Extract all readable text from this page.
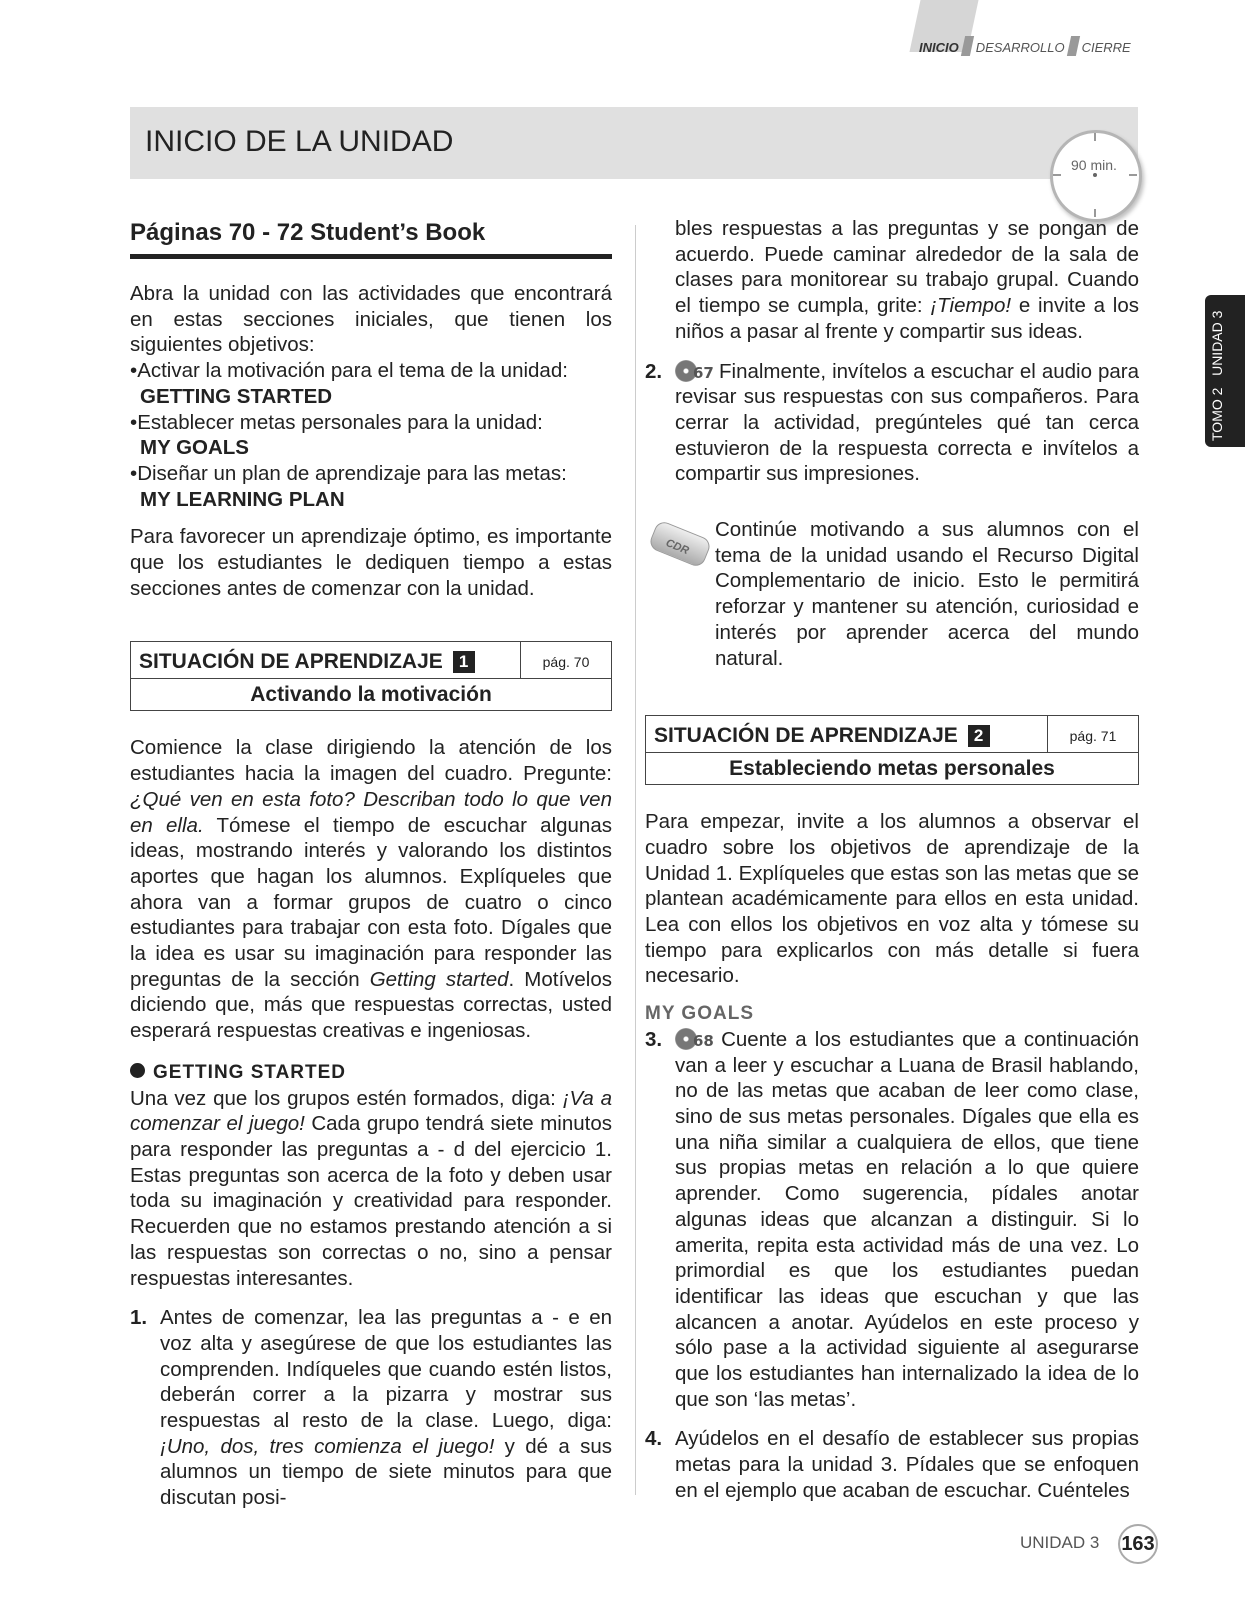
INICIO DESARROLLO CIERRE
INICIO DE LA UNIDAD
90 min.
TOMO 2   UNIDAD 3

Páginas 70 - 72 Student’s Book

Abra la unidad con las actividades que encontrará en estas secciones iniciales, que tienen los siguientes objetivos:

•Activar la motivación para el tema de la unidad:

GETTING STARTED

•Establecer metas personales para la unidad:

MY GOALS

•Diseñar un plan de aprendizaje para las metas:

MY LEARNING PLAN

Para favorecer un aprendizaje óptimo, es importante que los estudiantes le dediquen tiempo a estas secciones antes de comenzar con la unidad.

SITUACIÓN DE APRENDIZAJE 1	pág. 70
Activando la motivación

Comience la clase dirigiendo la atención de los estudiantes hacia la imagen del cuadro. Pregunte: ¿Qué ven en esta foto? Describan todo lo que ven en ella. Tómese el tiempo de escuchar algunas ideas, mostrando interés y valorando los distintos aportes que hagan los alumnos. Explíqueles que ahora van a formar grupos de cuatro o cinco estudiantes para trabajar con esta foto. Dígales que la idea es usar su imaginación para responder las preguntas de la sección Getting started. Motívelos diciendo que, más que respuestas correctas, usted esperará respuestas creativas e ingeniosas.

GETTING STARTED

Una vez que los grupos estén formados, diga: ¡Va a comenzar el juego! Cada grupo tendrá siete minutos para responder las preguntas a - d del ejercicio 1. Estas preguntas son acerca de la foto y deben usar toda su imaginación y creatividad para responder. Recuerden que no estamos prestando atención a si las respuestas son correctas o no, sino a pensar respuestas interesantes.

1. Antes de comenzar, lea las preguntas a - e en voz alta y asegúrese de que los estudiantes las comprenden. Indíqueles que cuando estén listos, deberán correr a la pizarra y mostrar sus respuestas al resto de la clase. Luego, diga: ¡Uno, dos, tres comienza el juego! y dé a sus alumnos un tiempo de siete minutos para que discutan posi-

bles respuestas a las preguntas y se pongan de acuerdo. Puede caminar alrededor de la sala de clases para monitorear su trabajo grupal. Cuando el tiempo se cumpla, grite: ¡Tiempo! e invite a los niños a pasar al frente y compartir sus ideas.

2.	67 Finalmente, invítelos a escuchar el audio para revisar sus respuestas con sus compañeros. Para cerrar la actividad, pregúnteles qué tan cerca estuvieron de la respuesta correcta e invítelos a compartir sus impresiones.
CDR

Continúe motivando a sus alumnos con el tema de la unidad usando el Recurso Digital Complementario de inicio. Esto le permitirá reforzar y mantener su atención, curiosidad e interés por aprender acerca del mundo natural.

SITUACIÓN DE APRENDIZAJE 2	pág. 71
Estableciendo metas personales

Para empezar, invite a los alumnos a observar el cuadro sobre los objetivos de aprendizaje de la Unidad 1. Explíqueles que estas son las metas que se plantean académicamente para ellos en esta unidad. Lea con ellos los objetivos en voz alta y tómese su tiempo para explicarlos con más detalle si fuera necesario.

MY GOALS

3.	68 Cuente a los estudiantes que a continuación van a leer y escuchar a Luana de Brasil hablando, no de las metas que acaban de leer como clase, sino de sus metas personales. Dígales que ella es una niña similar a cualquiera de ellos, que tiene sus propias metas en relación a lo que quiere aprender. Como sugerencia, pídales anotar algunas ideas que alcanzan a distinguir. Si lo amerita, repita esta actividad más de una vez. Lo primordial es que los estudiantes puedan identificar las ideas que escuchan y que las alcancen a anotar. Ayúdelos en este proceso y sólo pase a la actividad siguiente al asegurarse que los estudiantes han internalizado la idea de lo que son ‘las metas’.
4. Ayúdelos en el desafío de establecer sus propias metas para la unidad 3. Pídales que se enfoquen en el ejemplo que acaban de escuchar. Cuénteles
UNIDAD 3 163
